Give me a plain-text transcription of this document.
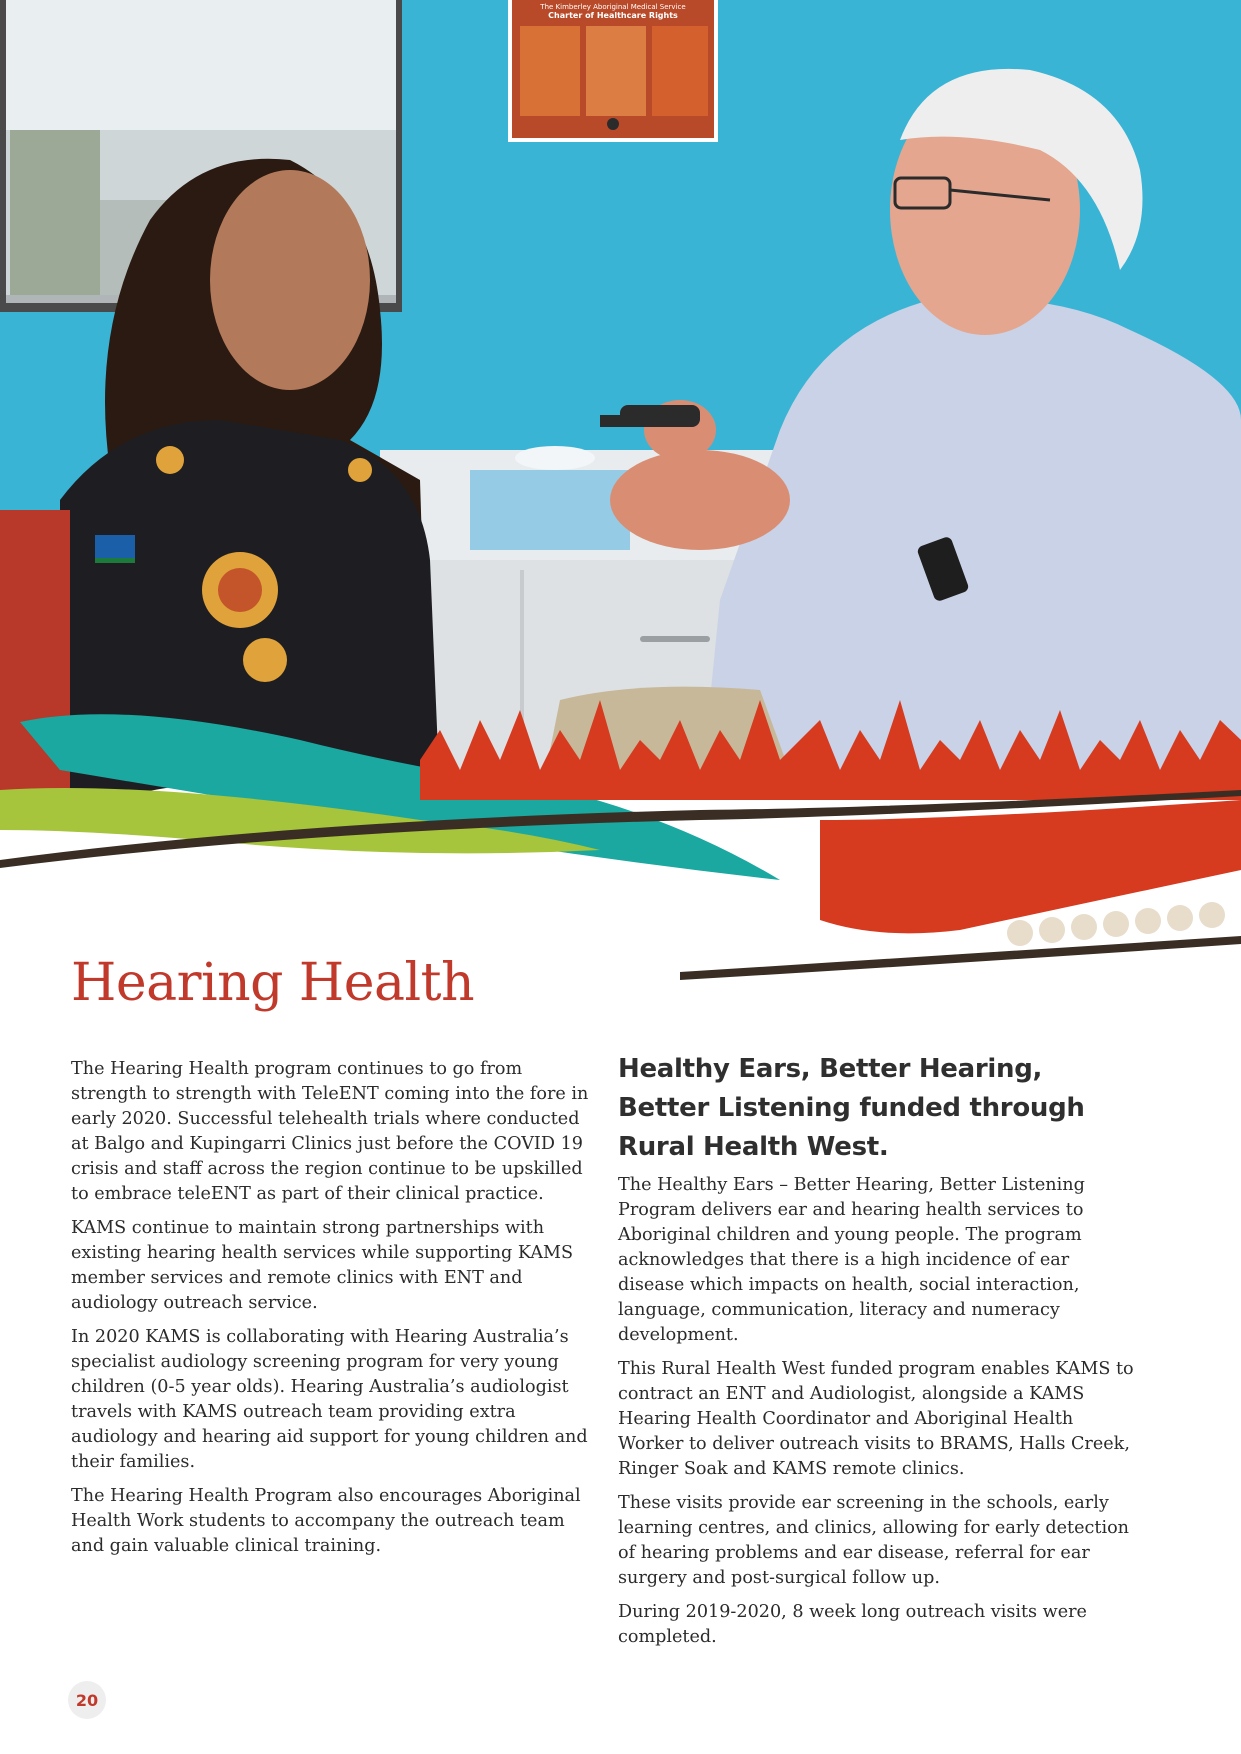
The Kimberley Aboriginal Medical Service
Charter of Healthcare Rights
Hearing Health

The Hearing Health program continues to go from strength to strength with TeleENT coming into the fore in early 2020. Successful telehealth trials where conducted at Balgo and Kupingarri Clinics just before the COVID 19 crisis and staff across the region continue to be upskilled to embrace teleENT as part of their clinical practice.

KAMS continue to maintain strong partnerships with existing hearing health services while supporting KAMS member services and remote clinics with ENT and audiology outreach service.

In 2020 KAMS is collaborating with Hearing Australia’s specialist audiology screening program for very young children (0-5 year olds). Hearing Australia’s audiologist travels with KAMS outreach team providing extra audiology and hearing aid support for young children and their families.

The Hearing Health Program also encourages Aboriginal Health Work students to accompany the outreach team and gain valuable clinical training.

Healthy Ears, Better Hearing, Better Listening funded through Rural Health West.

The Healthy Ears – Better Hearing, Better Listening Program delivers ear and hearing health services to Aboriginal children and young people. The program acknowledges that there is a high incidence of ear disease which impacts on health, social interaction, language, communication, literacy and numeracy development.

This Rural Health West funded program enables KAMS to contract an ENT and Audiologist, alongside a KAMS Hearing Health Coordinator and Aboriginal Health Worker to deliver outreach visits to BRAMS, Halls Creek, Ringer Soak and KAMS remote clinics.

These visits provide ear screening in the schools, early learning centres, and clinics, allowing for early detection of hearing problems and ear disease, referral for ear surgery and post-surgical follow up.

During 2019-2020, 8 week long outreach visits were completed.

20
